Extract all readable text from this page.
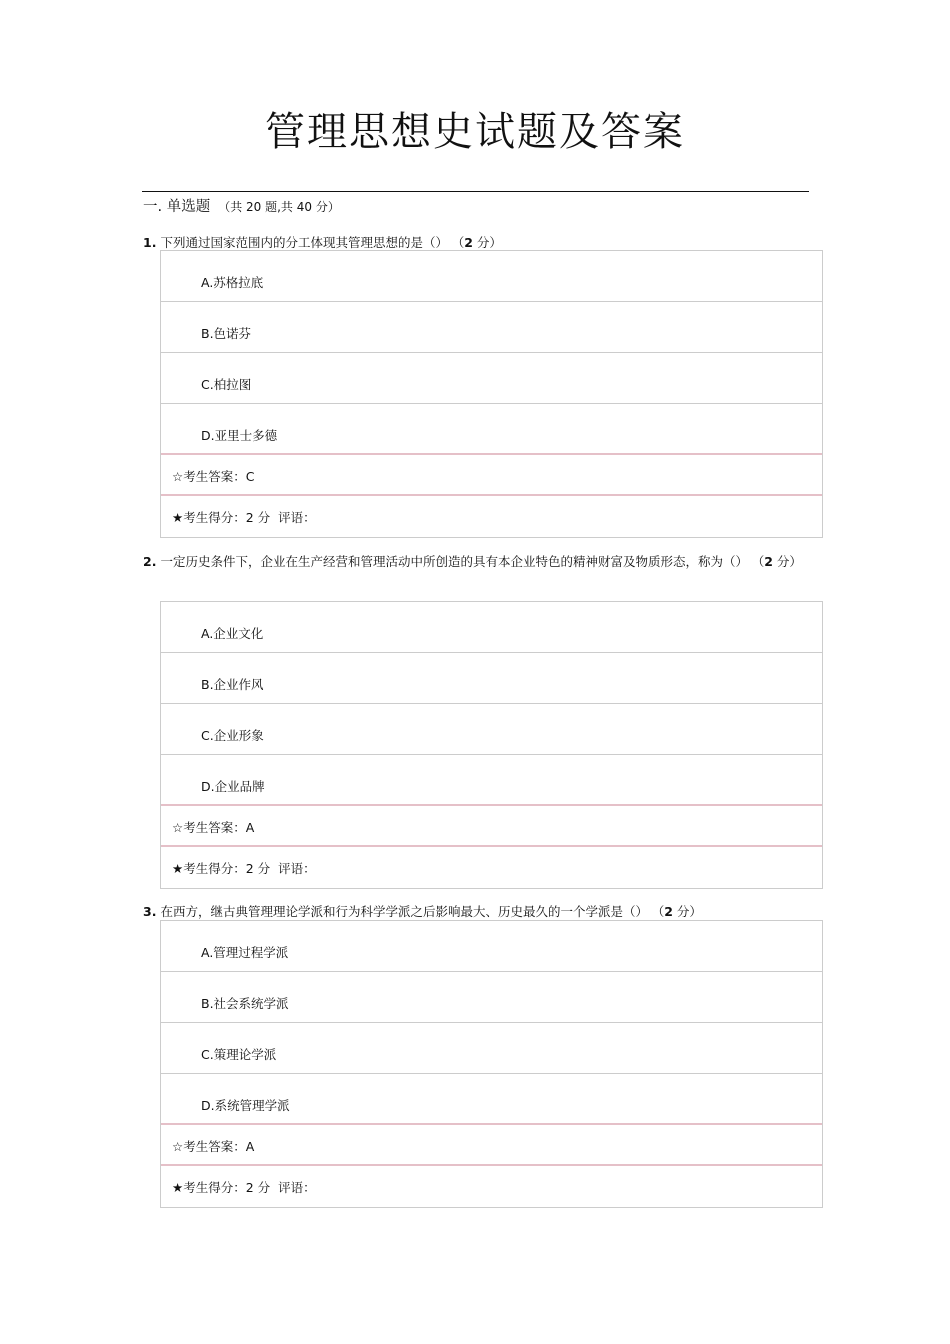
管理思想史试题及答案
一. 单选题 （共 20 题,共 40 分）
1. 下列通过国家范围内的分工体现其管理思想的是（） （2 分）
A.苏格拉底
B.色诺芬
C.柏拉图
D.亚里士多德
☆考生答案：C
★考生得分：2 分 评语：
2. 一定历史条件下，企业在生产经营和管理活动中所创造的具有本企业特色的精神财富及物质形态，称为（） （2 分）
A.企业文化
B.企业作风
C.企业形象
D.企业品牌
☆考生答案：A
★考生得分：2 分 评语：
3. 在西方，继古典管理理论学派和行为科学学派之后影响最大、历史最久的一个学派是（） （2 分）
A.管理过程学派
B.社会系统学派
C.策理论学派
D.系统管理学派
☆考生答案：A
★考生得分：2 分 评语：
